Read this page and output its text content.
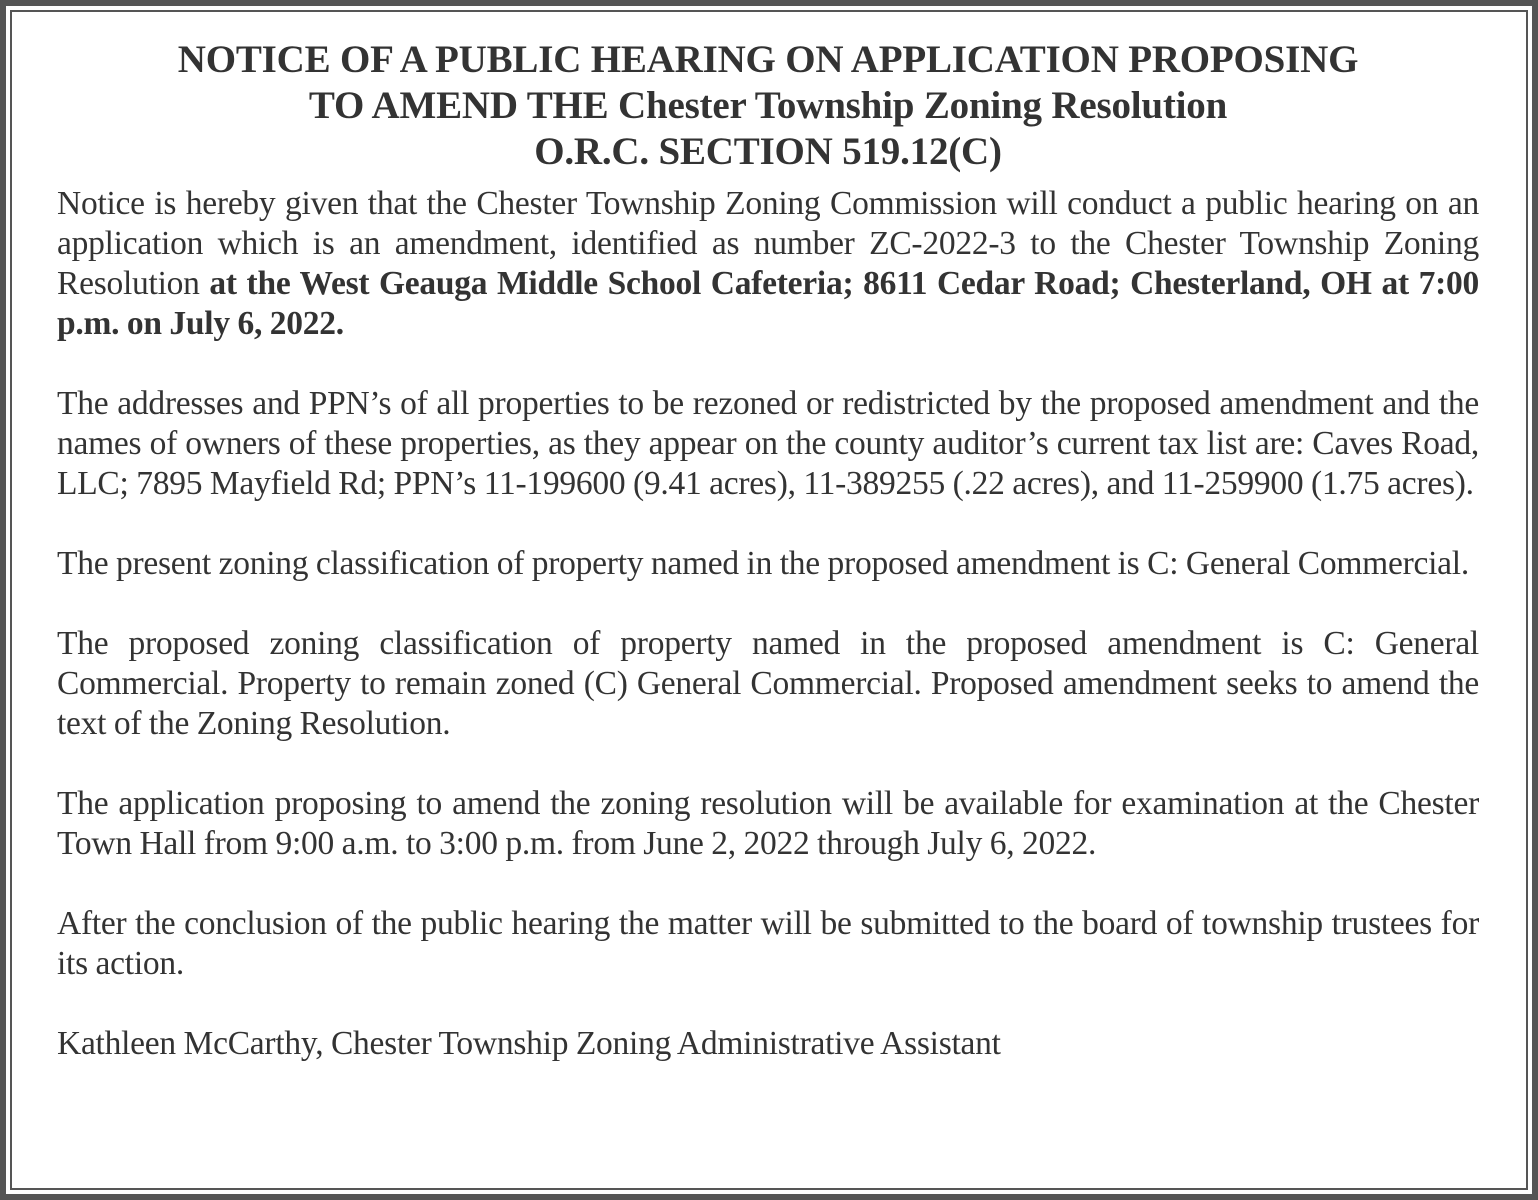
NOTICE OF A PUBLIC HEARING ON APPLICATION PROPOSING
TO AMEND THE Chester Township Zoning Resolution
O.R.C. SECTION 519.12(C)

Notice is hereby given that the Chester Township Zoning Commission will conduct a public hearing on an application which is an amendment, identified as number ZC-2022-3 to the Chester Township Zoning Resolution at the West Geauga Middle School Cafeteria; 8611 Cedar Road; Chesterland, OH at 7:00 p.m. on July 6, 2022.

The addresses and PPN’s of all properties to be rezoned or redistricted by the proposed amendment and the names of owners of these properties, as they appear on the county auditor’s current tax list are: Caves Road, LLC; 7895 Mayfield Rd; PPN’s 11-199600 (9.41 acres), 11-389255 (.22 acres), and 11-259900 (1.75 acres).

The present zoning classification of property named in the proposed amendment is C: General Commercial.

The proposed zoning classification of property named in the proposed amendment is C: General Commercial. Property to remain zoned (C) General Commercial. Proposed amendment seeks to amend the text of the Zoning Resolution.

The application proposing to amend the zoning resolution will be available for examination at the Chester Town Hall from 9:00 a.m. to 3:00 p.m. from June 2, 2022 through July 6, 2022.

After the conclusion of the public hearing the matter will be submitted to the board of township trustees for its action.

Kathleen McCarthy, Chester Township Zoning Administrative Assistant
